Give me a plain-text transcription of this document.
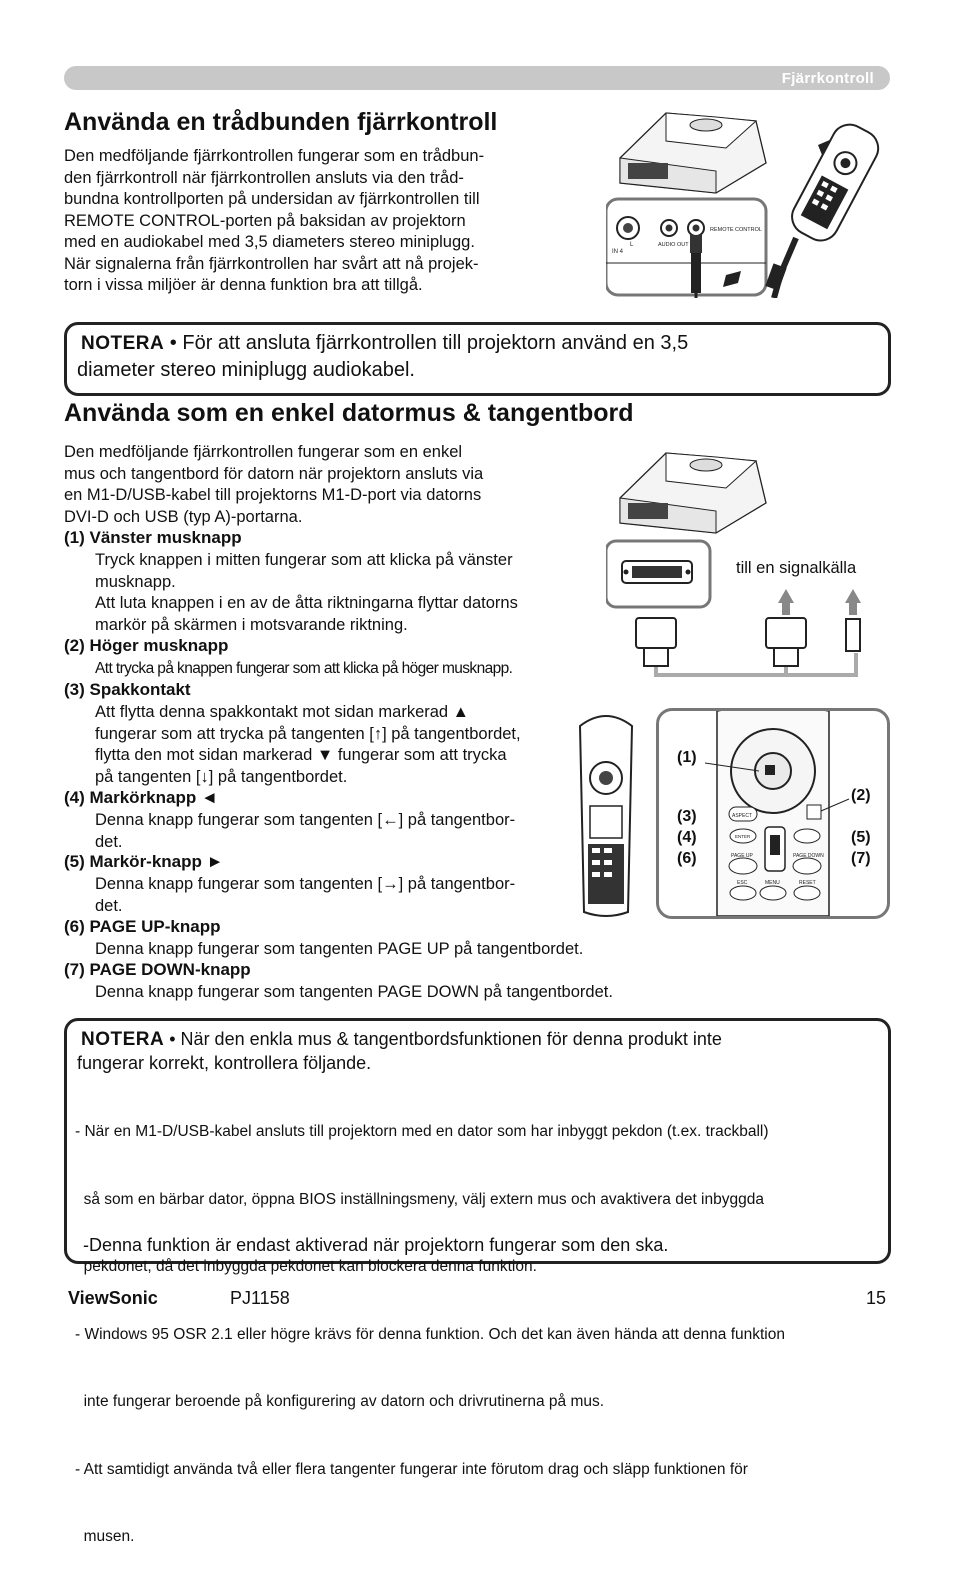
Fjärrkontroll
Använda en trådbunden fjärrkontroll
Den medföljande fjärrkontrollen fungerar som en trådbun-
den fjärrkontroll när fjärrkontrollen ansluts via den tråd-
bundna kontrollporten på undersidan av fjärrkontrollen till
REMOTE CONTROL-porten på baksidan av projektorn
med en audiokabel med 3,5 diameters stereo miniplugg.
När signalerna från fjärrkontrollen har svårt att nå projek-
torn i vissa miljöer är denna funktion bra att tillgå.
IN 4
L	AUDIO OUT
REMOTE CONTROL
NOTERA • För att ansluta fjärrkontrollen till projektorn använd en 3,5
diameter stereo miniplugg audiokabel.
Använda som en enkel datormus & tangentbord
Den medföljande fjärrkontrollen fungerar som en enkel
mus och tangentbord för datorn när projektorn ansluts via
en M1-D/USB-kabel till projektorns M1-D-port via datorns
DVI-D och USB (typ A)-portarna.
(1) Vänster musknapp
Tryck knappen i mitten fungerar som att klicka på vänster
musknapp.
Att luta knappen i en av de åtta riktningarna flyttar datorns
markör på skärmen i motsvarande riktning.
(2) Höger musknapp
Att trycka på knappen fungerar som att klicka på höger musknapp.
(3) Spakkontakt
Att flytta denna spakkontakt mot sidan markerad ▲
fungerar som att trycka på tangenten [↑] på tangentbordet,
flytta den mot sidan markerad ▼ fungerar som att trycka
på tangenten [↓] på tangentbordet.
(4) Markörknapp ◄
Denna knapp fungerar som tangenten [←] på tangentbor-
det.
(5) Markör-knapp ►
Denna knapp fungerar som tangenten [→] på tangentbor-
det.
(6) PAGE UP-knapp
Denna knapp fungerar som tangenten PAGE UP på tangentbordet.
(7) PAGE DOWN-knapp
Denna knapp fungerar som tangenten PAGE DOWN på tangentbordet.
till en signalkälla
ASPECT
ENTER
PAGE UP	PAGE DOWN
ESC	MENU	RESET
(1)
(2)
(3)
(4)	(5)
(6)	(7)
NOTERA • När den enkla mus & tangentbordsfunktionen för denna produkt inte
fungerar korrekt, kontrollera följande.

- När en M1-D/USB-kabel ansluts till projektorn med en dator som har inbyggt pekdon (t.ex. trackball)

så som en bärbar dator, öppna BIOS inställningsmeny, välj extern mus och avaktivera det inbyggda

pekdonet, då det inbyggda pekdonet kan blockera denna funktion.

- Windows 95 OSR 2.1 eller högre krävs för denna funktion. Och det kan även hända att denna funktion

inte fungerar beroende på konfigurering av datorn och drivrutinerna på mus.

- Att samtidigt använda två eller flera tangenter fungerar inte förutom drag och släpp funktionen för

musen.

-Denna funktion är endast aktiverad när projektorn fungerar som den ska.
ViewSonic	PJ1158	15
